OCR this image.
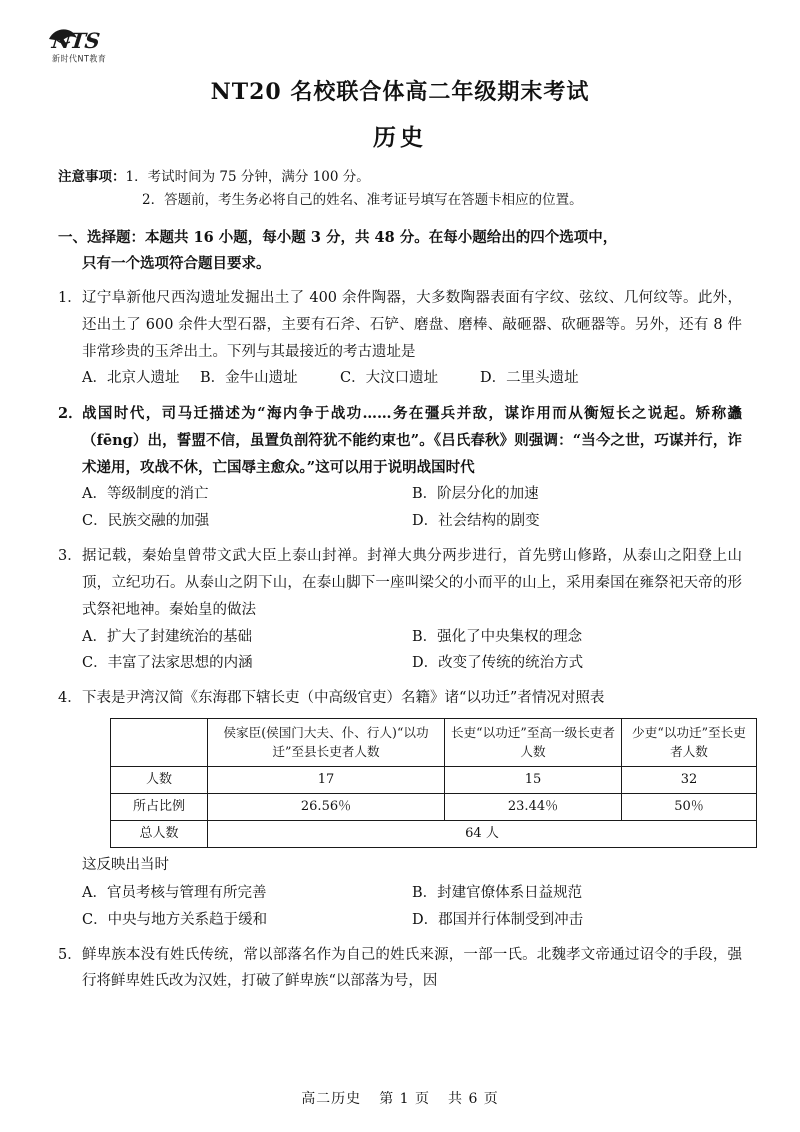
NTS
新时代NT教育
NT20 名校联合体高二年级期末考试
历史
注意事项：1．考试时间为 75 分钟，满分 100 分。
2．答题前，考生务必将自己的姓名、准考证号填写在答题卡相应的位置。
一、选择题：本题共 16 小题，每小题 3 分，共 48 分。在每小题给出的四个选项中，
只有一个选项符合题目要求。
1． 辽宁阜新他尺西沟遗址发掘出土了 400 余件陶器，大多数陶器表面有字纹、弦纹、几何纹等。此外，还出土了 600 余件大型石器，主要有石斧、石铲、磨盘、磨棒、敲砸器、砍砸器等。另外，还有 8 件非常珍贵的玉斧出土。下列与其最接近的考古遗址是
A．北京人遗址	B．金牛山遗址	C．大汶口遗址	D．二里头遗址
2． 战国时代，司马迁描述为“海内争于战功……务在彊兵并敌，谋诈用而从衡短长之说起。矫称蠭（fēng）出，誓盟不信，虽置负剖符犹不能约束也”。《吕氏春秋》则强调：“当今之世，巧谋并行，诈术递用，攻战不休，亡国辱主愈众。”这可以用于说明战国时代
A．等级制度的消亡	B．阶层分化的加速
C．民族交融的加强	D．社会结构的剧变
3． 据记载，秦始皇曾带文武大臣上泰山封禅。封禅大典分两步进行，首先劈山修路，从泰山之阳登上山顶，立纪功石。从泰山之阴下山，在泰山脚下一座叫梁父的小而平的山上，采用秦国在雍祭祀天帝的形式祭祀地神。秦始皇的做法
A．扩大了封建统治的基础	B．强化了中央集权的理念
C．丰富了法家思想的内涵	D．改变了传统的统治方式
4． 下表是尹湾汉简《东海郡下辖长吏（中高级官吏）名籍》诸“以功迁”者情况对照表
	侯家臣(侯国门大夫、仆、行人)“以功迁”至县长吏者人数	长吏“以功迁”至高一级长吏者人数	少吏“以功迁”至长吏者人数
人数	17	15	32
所占比例	26.56％	23.44％	50％
总人数	64 人		
这反映出当时
A．官员考核与管理有所完善	B．封建官僚体系日益规范
C．中央与地方关系趋于缓和	D．郡国并行体制受到冲击
5． 鲜卑族本没有姓氏传统，常以部落名作为自己的姓氏来源，一部一氏。北魏孝文帝通过诏令的手段，强行将鲜卑姓氏改为汉姓，打破了鲜卑族“以部落为号，因
高二历史 第 1 页 共 6 页
